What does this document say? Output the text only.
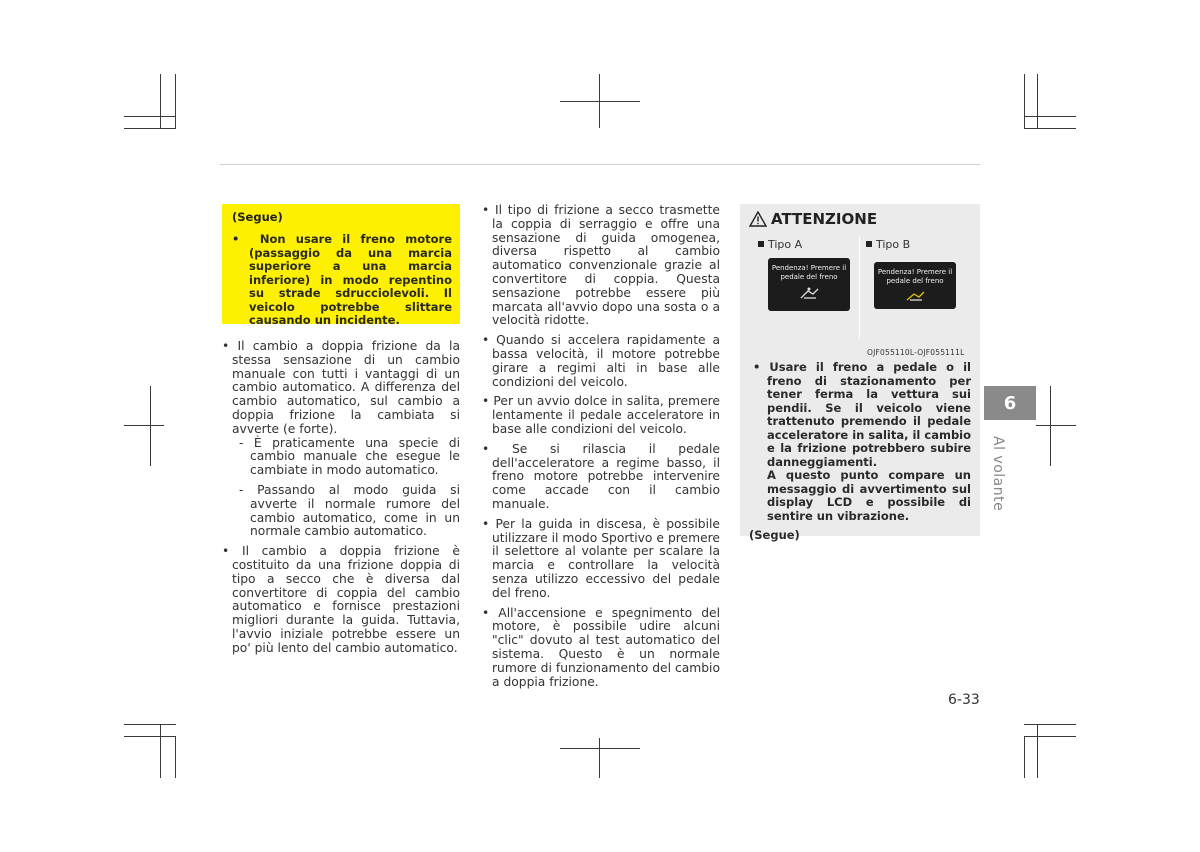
(Segue)
•  Non usare il freno motore (passaggio da una marcia superiore a una marcia inferiore) in modo repentino su strade sdrucciolevoli. Il veicolo potrebbe slittare causando un incidente.

• Il cambio a doppia frizione da la stessa sensazione di un cambio manuale con tutti i vantaggi di un cambio automatico. A differenza del cambio automatico, sul cambio a doppia frizione la cambiata si avverte (e forte).

- È praticamente una specie di cambio manuale che esegue le cambiate in modo automatico.

- Passando al modo guida si avverte il normale rumore del cambio automatico, come in un normale cambio automatico.

• Il cambio a doppia frizione è costituito da una frizione doppia di tipo a secco che è diversa dal convertitore di coppia del cambio automatico e fornisce prestazioni migliori durante la guida. Tuttavia, l'avvio iniziale potrebbe essere un po' più lento del cambio automatico.

• Il tipo di frizione a secco trasmette la coppia di serraggio e offre una sensazione di guida omogenea, diversa rispetto al cambio automatico convenzionale grazie al convertitore di coppia. Questa sensazione potrebbe essere più marcata all'avvio dopo una sosta o a velocità ridotte.

• Quando si accelera rapidamente a bassa velocità, il motore potrebbe girare a regimi alti in base alle condizioni del veicolo.

• Per un avvio dolce in salita, premere lentamente il pedale acceleratore in base alle condizioni del veicolo.

• Se si rilascia il pedale dell'acceleratore a regime basso, il freno motore potrebbe intervenire come accade con il cambio manuale.

• Per la guida in discesa, è possibile utilizzare il modo Sportivo e premere il selettore al volante per scalare la marcia e controllare la velocità senza utilizzo eccessivo del pedale del freno.

• All'accensione e spegnimento del motore, è possibile udire alcuni "clic" dovuto al test automatico del sistema. Questo è un normale rumore di funzionamento del cambio a doppia frizione.

ATTENZIONE
Tipo A	Tipo B
Pendenza! Premere il pedale del freno
Pendenza! Premere il pedale del freno
OJF055110L-OJF055111L
• Usare il freno a pedale o il freno di stazionamento per tener ferma la vettura sui pendii. Se il veicolo viene trattenuto premendo il pedale acceleratore in salita, il cambio e la frizione potrebbero subire danneggiamenti.
A questo punto compare un messaggio di avvertimento sul display LCD e possibile di sentire un vibrazione.
(Segue)
6
Al volante
6-33
